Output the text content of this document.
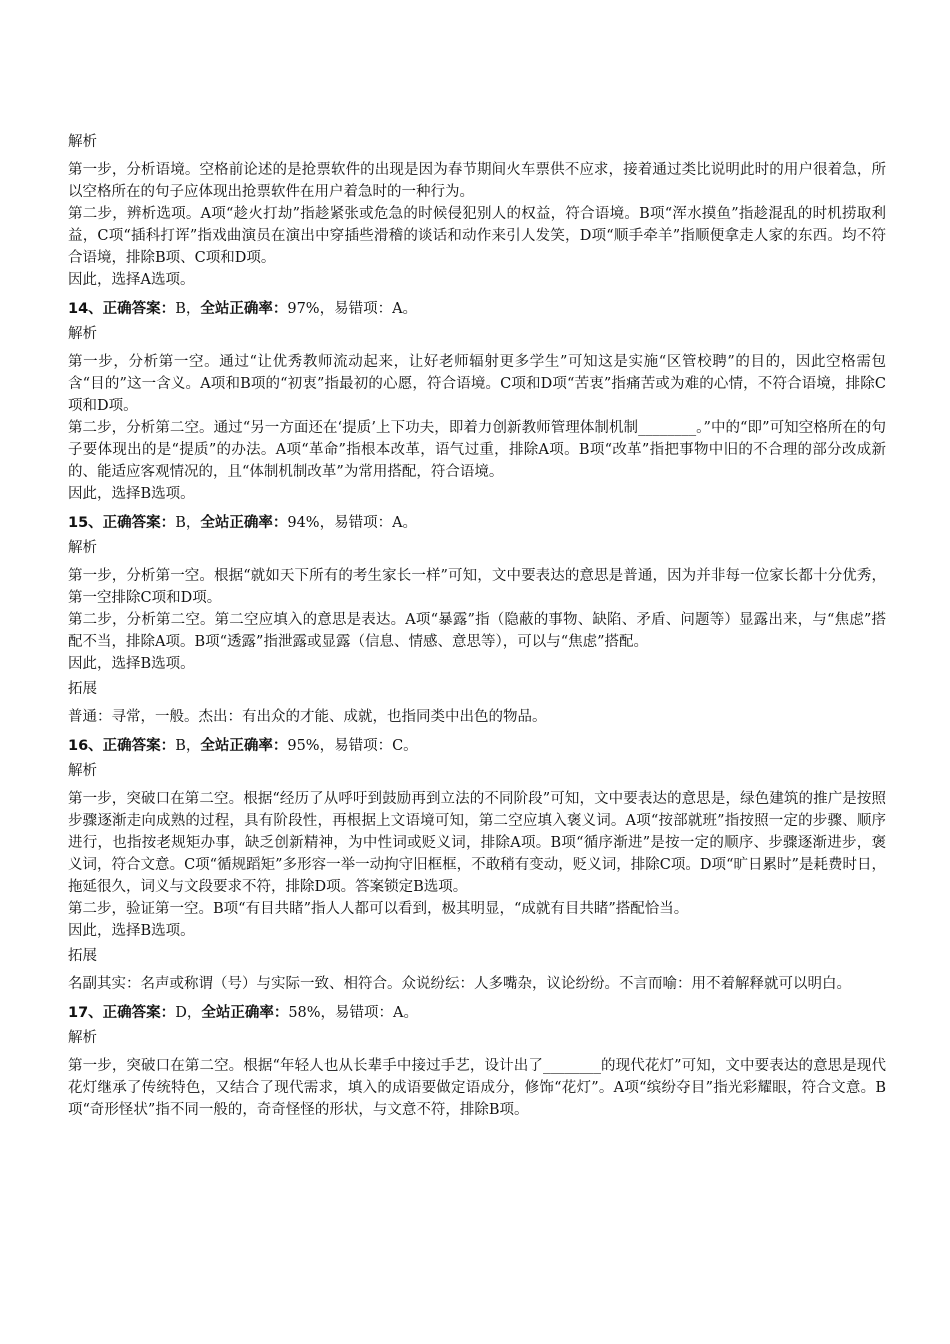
解析

第一步，分析语境。空格前论述的是抢票软件的出现是因为春节期间火车票供不应求，接着通过类比说明此时的用户很着急，所以空格所在的句子应体现出抢票软件在用户着急时的一种行为。

第二步，辨析选项。A项“趁火打劫”指趁紧张或危急的时候侵犯别人的权益，符合语境。B项“浑水摸鱼”指趁混乱的时机捞取利益，C项“插科打诨”指戏曲演员在演出中穿插些滑稽的谈话和动作来引人发笑，D项“顺手牵羊”指顺便拿走人家的东西。均不符合语境，排除B项、C项和D项。

因此，选择A选项。

14、正确答案：B，全站正确率：97%，易错项：A。
解析

第一步，分析第一空。通过“让优秀教师流动起来，让好老师辐射更多学生”可知这是实施“区管校聘”的目的，因此空格需包含“目的”这一含义。A项和B项的“初衷”指最初的心愿，符合语境。C项和D项“苦衷”指痛苦或为难的心情，不符合语境，排除C项和D项。

第二步，分析第二空。通过“另一方面还在‘提质’上下功夫，即着力创新教师管理体制机制________。”中的“即”可知空格所在的句子要体现出的是“提质”的办法。A项“革命”指根本改革，语气过重，排除A项。B项“改革”指把事物中旧的不合理的部分改成新的、能适应客观情况的，且“体制机制改革”为常用搭配，符合语境。

因此，选择B选项。

15、正确答案：B，全站正确率：94%，易错项：A。
解析

第一步，分析第一空。根据“就如天下所有的考生家长一样”可知，文中要表达的意思是普通，因为并非每一位家长都十分优秀，第一空排除C项和D项。

第二步，分析第二空。第二空应填入的意思是表达。A项“暴露”指（隐蔽的事物、缺陷、矛盾、问题等）显露出来，与“焦虑”搭配不当，排除A项。B项“透露”指泄露或显露（信息、情感、意思等），可以与“焦虑”搭配。

因此，选择B选项。

拓展

普通：寻常，一般。杰出：有出众的才能、成就，也指同类中出色的物品。

16、正确答案：B，全站正确率：95%，易错项：C。
解析

第一步，突破口在第二空。根据“经历了从呼吁到鼓励再到立法的不同阶段”可知，文中要表达的意思是，绿色建筑的推广是按照步骤逐渐走向成熟的过程，具有阶段性，再根据上文语境可知，第二空应填入褒义词。A项“按部就班”指按照一定的步骤、顺序进行，也指按老规矩办事，缺乏创新精神，为中性词或贬义词，排除A项。B项“循序渐进”是按一定的顺序、步骤逐渐进步，褒义词，符合文意。C项“循规蹈矩”多形容一举一动拘守旧框框，不敢稍有变动，贬义词，排除C项。D项“旷日累时”是耗费时日，拖延很久，词义与文段要求不符，排除D项。答案锁定B选项。

第二步，验证第一空。B项“有目共睹”指人人都可以看到，极其明显，“成就有目共睹”搭配恰当。

因此，选择B选项。

拓展

名副其实：名声或称谓（号）与实际一致、相符合。众说纷纭：人多嘴杂，议论纷纷。不言而喻：用不着解释就可以明白。

17、正确答案：D，全站正确率：58%，易错项：A。
解析

第一步，突破口在第二空。根据“年轻人也从长辈手中接过手艺，设计出了________的现代花灯”可知，文中要表达的意思是现代花灯继承了传统特色，又结合了现代需求，填入的成语要做定语成分，修饰“花灯”。A项“缤纷夺目”指光彩耀眼，符合文意。B项“奇形怪状”指不同一般的，奇奇怪怪的形状，与文意不符，排除B项。
